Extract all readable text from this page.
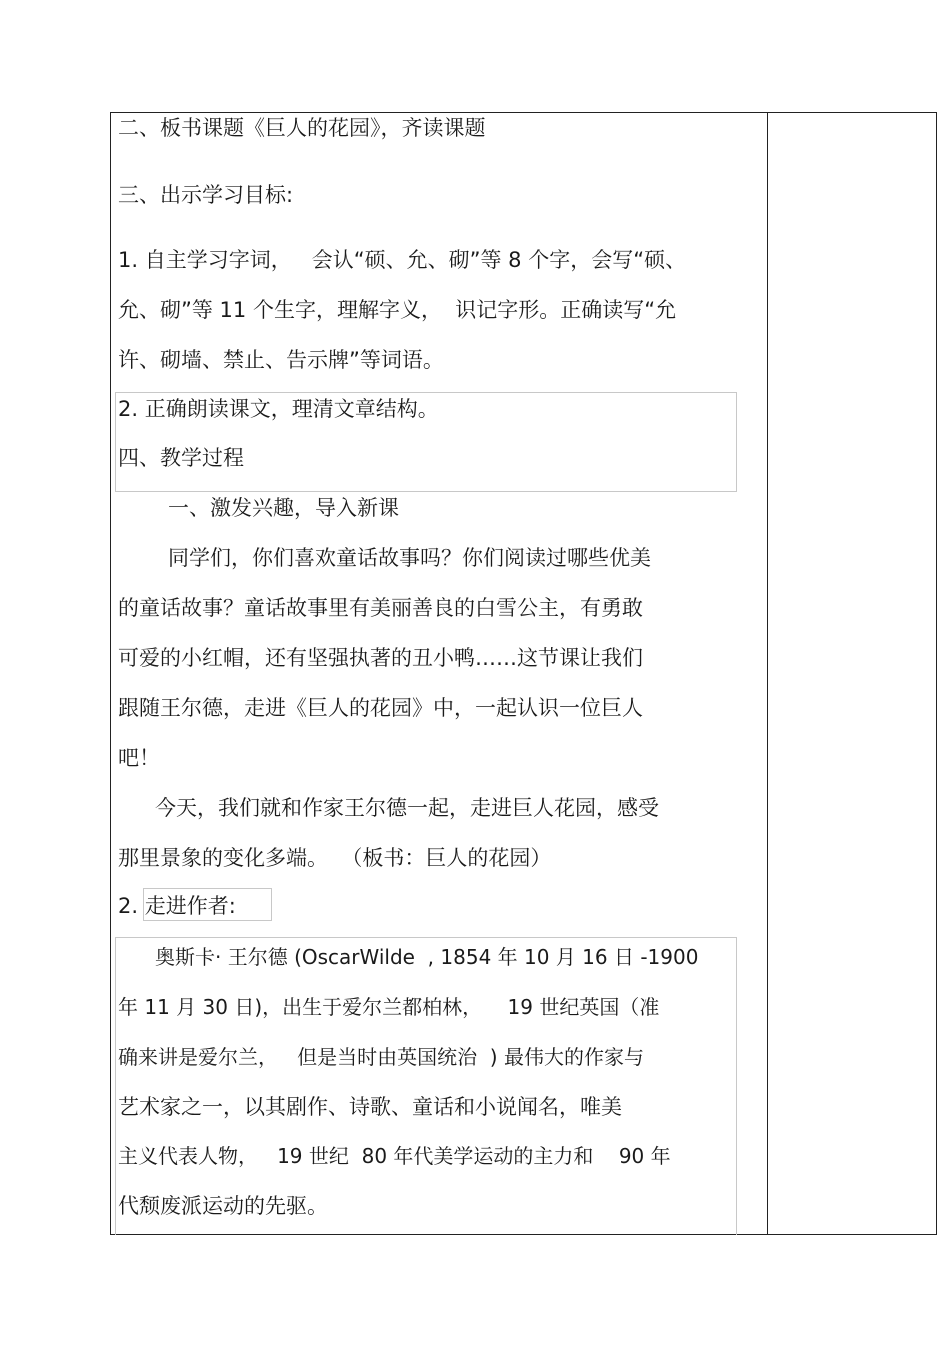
二、板书课题《巨人的花园》，齐读课题
三、出示学习目标:
1. 自主学习字词，   会认“硕、允、砌”等 8 个字，会写“硕、
允、砌”等 11 个生字，理解字义，  识记字形。正确读写“允
许、砌墙、禁止、告示牌”等词语。
2. 正确朗读课文，理清文章结构。
四、教学过程
一、激发兴趣，导入新课
同学们，你们喜欢童话故事吗？你们阅读过哪些优美
的童话故事？童话故事里有美丽善良的白雪公主，有勇敢
可爱的小红帽，还有坚强执著的丑小鸭……这节课让我们
跟随王尔德，走进《巨人的花园》中，一起认识一位巨人
吧！
今天，我们就和作家王尔德一起，走进巨人花园，感受
那里景象的变化多端。  （板书：巨人的花园）
2. 走进作者:
奥斯卡· 王尔德 (OscarWilde  , 1854 年 10 月 16 日 -1900
年 11 月 30 日)，出生于爱尔兰都柏林，    19 世纪英国（准
确来讲是爱尔兰，   但是当时由英国统治  ) 最伟大的作家与
艺术家之一，以其剧作、诗歌、童话和小说闻名，唯美
主义代表人物，   19 世纪  80 年代美学运动的主力和    90 年
代颓废派运动的先驱。
